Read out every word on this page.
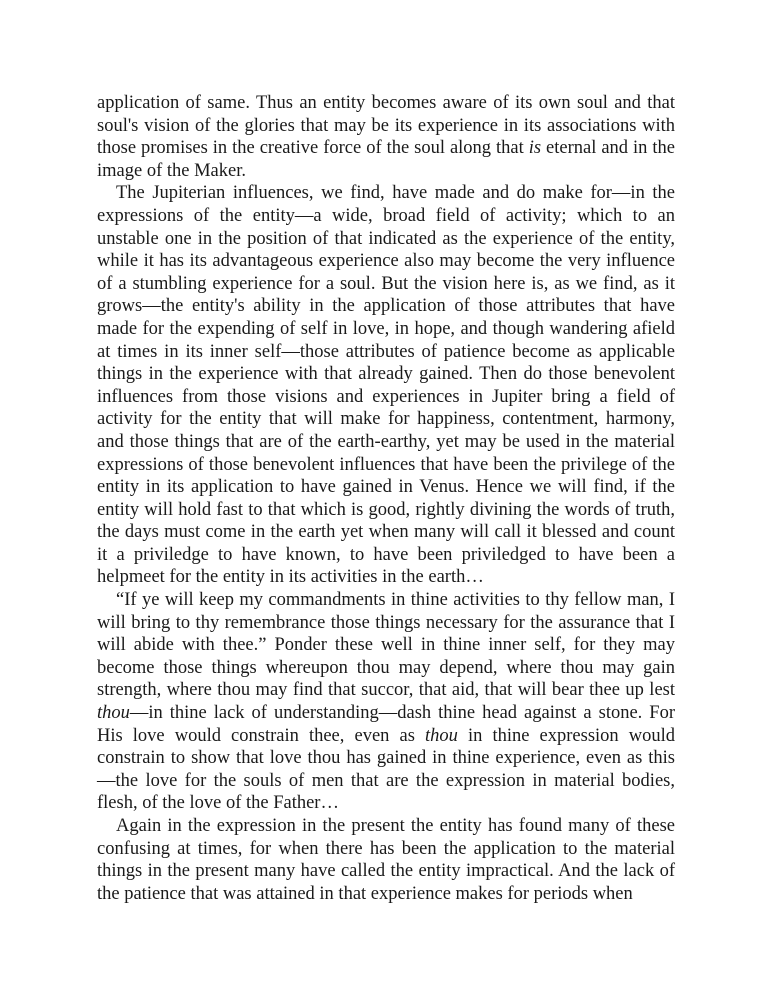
application of same. Thus an entity becomes aware of its own soul and that soul's vision of the glories that may be its experience in its associations with those promises in the creative force of the soul along that is eternal and in the image of the Maker.

The Jupiterian influences, we find, have made and do make for—in the expressions of the entity—a wide, broad field of activity; which to an unstable one in the position of that indicated as the experience of the entity, while it has its advantageous experience also may become the very influence of a stumbling experience for a soul. But the vision here is, as we find, as it grows—the entity's ability in the application of those attributes that have made for the expending of self in love, in hope, and though wandering afield at times in its inner self—those attributes of patience become as applicable things in the experience with that already gained. Then do those benevolent influences from those visions and experiences in Jupiter bring a field of activity for the entity that will make for happiness, contentment, harmony, and those things that are of the earth-earthy, yet may be used in the material expressions of those benevolent influences that have been the privilege of the entity in its application to have gained in Venus. Hence we will find, if the entity will hold fast to that which is good, rightly divining the words of truth, the days must come in the earth yet when many will call it blessed and count it a priviledge to have known, to have been priviledged to have been a helpmeet for the entity in its activities in the earth…

“If ye will keep my commandments in thine activities to thy fellow man, I will bring to thy remembrance those things necessary for the assurance that I will abide with thee.” Ponder these well in thine inner self, for they may become those things whereupon thou may depend, where thou may gain strength, where thou may find that succor, that aid, that will bear thee up lest thou—in thine lack of understanding—dash thine head against a stone. For His love would constrain thee, even as thou in thine expression would constrain to show that love thou has gained in thine experience, even as this—the love for the souls of men that are the expression in material bodies, flesh, of the love of the Father…

Again in the expression in the present the entity has found many of these confusing at times, for when there has been the application to the material things in the present many have called the entity impractical. And the lack of the patience that was attained in that experience makes for periods when
